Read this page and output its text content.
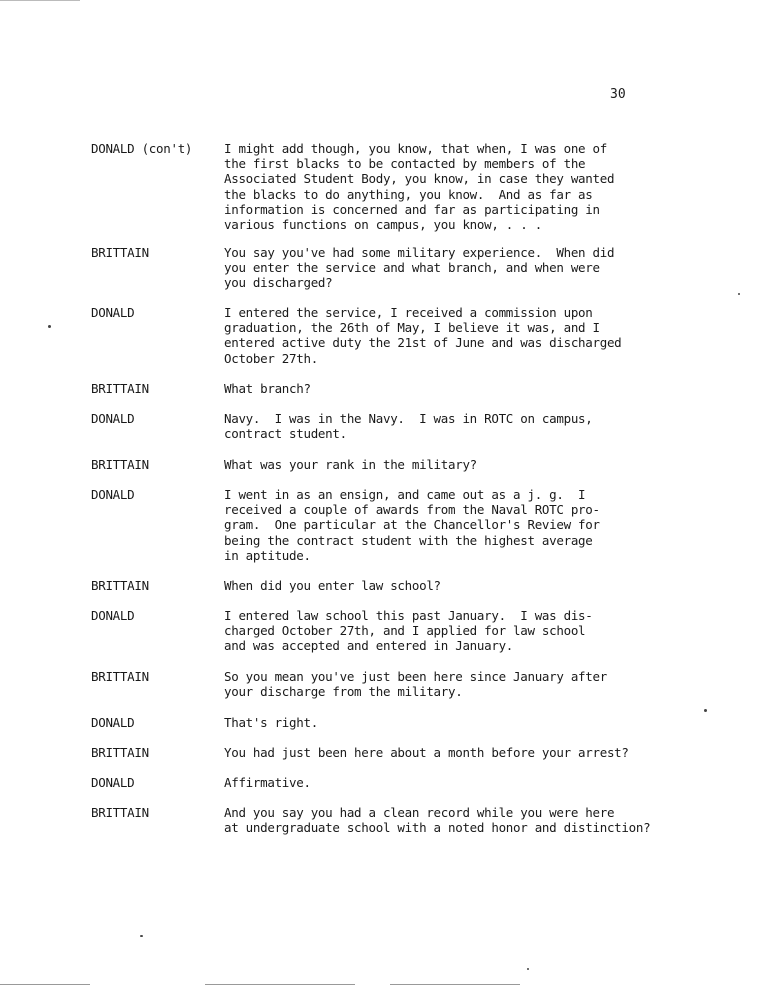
30
DONALD (con't)	I might add though, you know, that when, I was one of
the first blacks to be contacted by members of the
Associated Student Body, you know, in case they wanted
the blacks to do anything, you know.  And as far as
information is concerned and far as participating in
various functions on campus, you know, . . .
BRITTAIN	You say you've had some military experience.  When did
you enter the service and what branch, and when were
you discharged?
DONALD	I entered the service, I received a commission upon
graduation, the 26th of May, I believe it was, and I
entered active duty the 21st of June and was discharged
October 27th.
BRITTAIN	What branch?
DONALD	Navy.  I was in the Navy.  I was in ROTC on campus,
contract student.
BRITTAIN	What was your rank in the military?
DONALD	I went in as an ensign, and came out as a j. g.  I
received a couple of awards from the Naval ROTC pro-
gram.  One particular at the Chancellor's Review for
being the contract student with the highest average
in aptitude.
BRITTAIN	When did you enter law school?
DONALD	I entered law school this past January.  I was dis-
charged October 27th, and I applied for law school
and was accepted and entered in January.
BRITTAIN	So you mean you've just been here since January after
your discharge from the military.
DONALD	That's right.
BRITTAIN	You had just been here about a month before your arrest?
DONALD	Affirmative.
BRITTAIN	And you say you had a clean record while you were here
at undergraduate school with a noted honor and distinction?
